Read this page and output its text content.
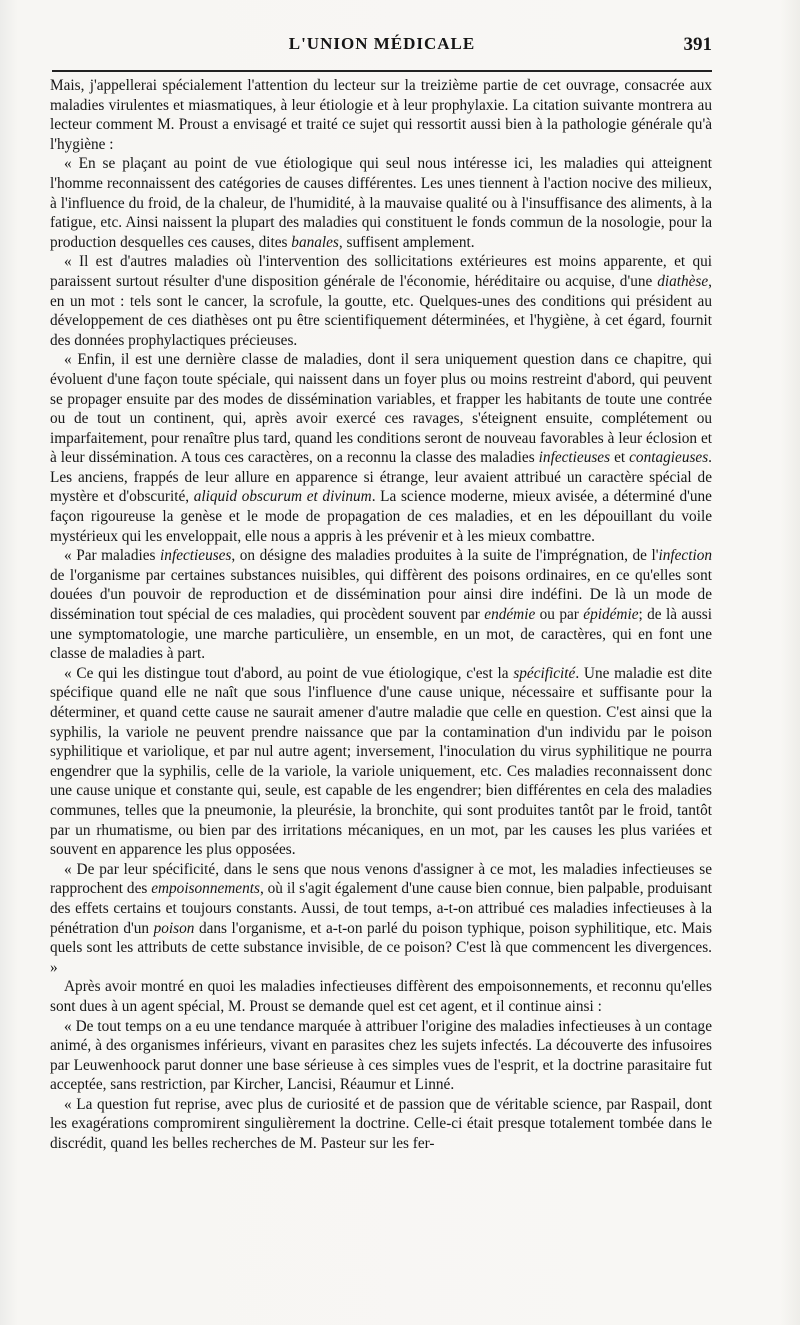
L'UNION MÉDICALE	391

Mais, j'appellerai spécialement l'attention du lecteur sur la treizième partie de cet ouvrage, consacrée aux maladies virulentes et miasmatiques, à leur étiologie et à leur prophylaxie. La citation suivante montrera au lecteur comment M. Proust a envisagé et traité ce sujet qui ressortit aussi bien à la pathologie générale qu'à l'hygiène :

« En se plaçant au point de vue étiologique qui seul nous intéresse ici, les maladies qui atteignent l'homme reconnaissent des catégories de causes différentes. Les unes tiennent à l'action nocive des milieux, à l'influence du froid, de la chaleur, de l'humidité, à la mauvaise qualité ou à l'insuffisance des aliments, à la fatigue, etc. Ainsi naissent la plupart des maladies qui constituent le fonds commun de la nosologie, pour la production desquelles ces causes, dites banales, suffisent amplement.

« Il est d'autres maladies où l'intervention des sollicitations extérieures est moins apparente, et qui paraissent surtout résulter d'une disposition générale de l'économie, héréditaire ou acquise, d'une diathèse, en un mot : tels sont le cancer, la scrofule, la goutte, etc. Quelques-unes des conditions qui président au développement de ces diathèses ont pu être scientifiquement déterminées, et l'hygiène, à cet égard, fournit des données prophylactiques précieuses.

« Enfin, il est une dernière classe de maladies, dont il sera uniquement question dans ce chapitre, qui évoluent d'une façon toute spéciale, qui naissent dans un foyer plus ou moins restreint d'abord, qui peuvent se propager ensuite par des modes de dissémination variables, et frapper les habitants de toute une contrée ou de tout un continent, qui, après avoir exercé ces ravages, s'éteignent ensuite, complétement ou imparfaitement, pour renaître plus tard, quand les conditions seront de nouveau favorables à leur éclosion et à leur dissémination. A tous ces caractères, on a reconnu la classe des maladies infectieuses et contagieuses. Les anciens, frappés de leur allure en apparence si étrange, leur avaient attribué un caractère spécial de mystère et d'obscurité, aliquid obscurum et divinum. La science moderne, mieux avisée, a déterminé d'une façon rigoureuse la genèse et le mode de propagation de ces maladies, et en les dépouillant du voile mystérieux qui les enveloppait, elle nous a appris à les prévenir et à les mieux combattre.

« Par maladies infectieuses, on désigne des maladies produites à la suite de l'imprégnation, de l'infection de l'organisme par certaines substances nuisibles, qui diffèrent des poisons ordinaires, en ce qu'elles sont douées d'un pouvoir de reproduction et de dissémination pour ainsi dire indéfini. De là un mode de dissémination tout spécial de ces maladies, qui procèdent souvent par endémie ou par épidémie; de là aussi une symptomatologie, une marche particulière, un ensemble, en un mot, de caractères, qui en font une classe de maladies à part.

« Ce qui les distingue tout d'abord, au point de vue étiologique, c'est la spécificité. Une maladie est dite spécifique quand elle ne naît que sous l'influence d'une cause unique, nécessaire et suffisante pour la déterminer, et quand cette cause ne saurait amener d'autre maladie que celle en question. C'est ainsi que la syphilis, la variole ne peuvent prendre naissance que par la contamination d'un individu par le poison syphilitique et variolique, et par nul autre agent; inversement, l'inoculation du virus syphilitique ne pourra engendrer que la syphilis, celle de la variole, la variole uniquement, etc. Ces maladies reconnaissent donc une cause unique et constante qui, seule, est capable de les engendrer; bien différentes en cela des maladies communes, telles que la pneumonie, la pleurésie, la bronchite, qui sont produites tantôt par le froid, tantôt par un rhumatisme, ou bien par des irritations mécaniques, en un mot, par les causes les plus variées et souvent en apparence les plus opposées.

« De par leur spécificité, dans le sens que nous venons d'assigner à ce mot, les maladies infectieuses se rapprochent des empoisonnements, où il s'agit également d'une cause bien connue, bien palpable, produisant des effets certains et toujours constants. Aussi, de tout temps, a-t-on attribué ces maladies infectieuses à la pénétration d'un poison dans l'organisme, et a-t-on parlé du poison typhique, poison syphilitique, etc. Mais quels sont les attributs de cette substance invisible, de ce poison? C'est là que commencent les divergences. »

Après avoir montré en quoi les maladies infectieuses diffèrent des empoisonnements, et reconnu qu'elles sont dues à un agent spécial, M. Proust se demande quel est cet agent, et il continue ainsi :

« De tout temps on a eu une tendance marquée à attribuer l'origine des maladies infectieuses à un contage animé, à des organismes inférieurs, vivant en parasites chez les sujets infectés. La découverte des infusoires par Leuwenhoock parut donner une base sérieuse à ces simples vues de l'esprit, et la doctrine parasitaire fut acceptée, sans restriction, par Kircher, Lancisi, Réaumur et Linné.

« La question fut reprise, avec plus de curiosité et de passion que de véritable science, par Raspail, dont les exagérations compromirent singulièrement la doctrine. Celle-ci était presque totalement tombée dans le discrédit, quand les belles recherches de M. Pasteur sur les fer-
